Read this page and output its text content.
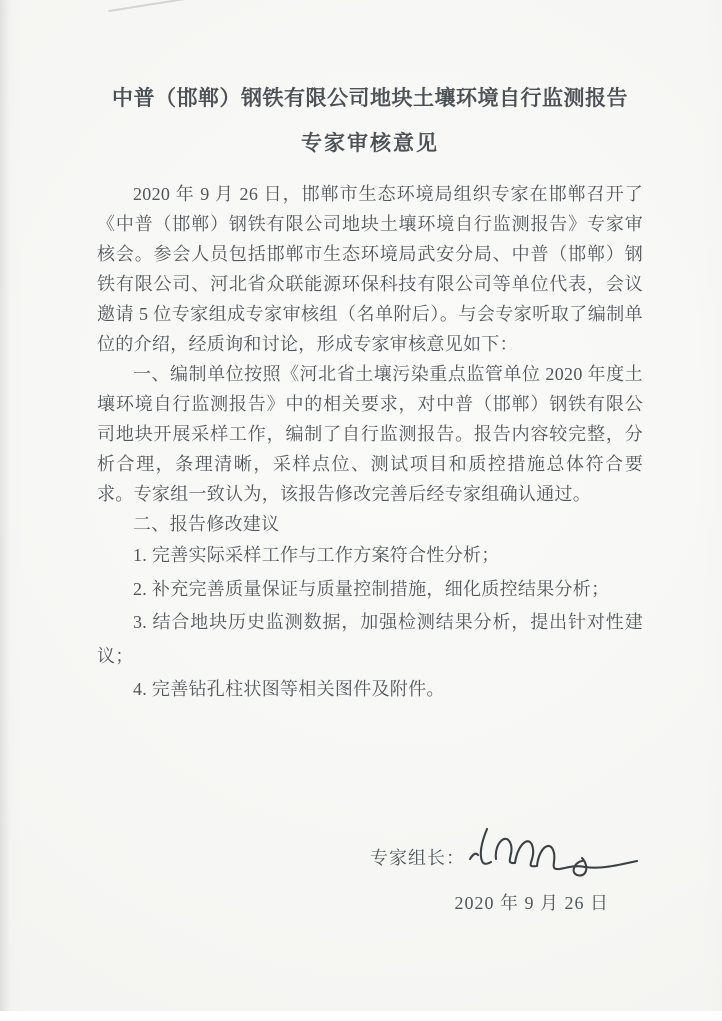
中普（邯郸）钢铁有限公司地块土壤环境自行监测报告
专家审核意见

2020 年 9 月 26 日，邯郸市生态环境局组织专家在邯郸召开了《中普（邯郸）钢铁有限公司地块土壤环境自行监测报告》专家审核会。参会人员包括邯郸市生态环境局武安分局、中普（邯郸）钢铁有限公司、河北省众联能源环保科技有限公司等单位代表，会议邀请 5 位专家组成专家审核组（名单附后）。与会专家听取了编制单位的介绍，经质询和讨论，形成专家审核意见如下：

一、编制单位按照《河北省土壤污染重点监管单位 2020 年度土壤环境自行监测报告》中的相关要求，对中普（邯郸）钢铁有限公司地块开展采样工作，编制了自行监测报告。报告内容较完整，分析合理，条理清晰，采样点位、测试项目和质控措施总体符合要求。专家组一致认为，该报告修改完善后经专家组确认通过。

二、报告修改建议

1. 完善实际采样工作与工作方案符合性分析；

2. 补充完善质量保证与质量控制措施，细化质控结果分析；

3. 结合地块历史监测数据，加强检测结果分析，提出针对性建议；

4. 完善钻孔柱状图等相关图件及附件。

专家组长：
2020 年 9 月 26 日
